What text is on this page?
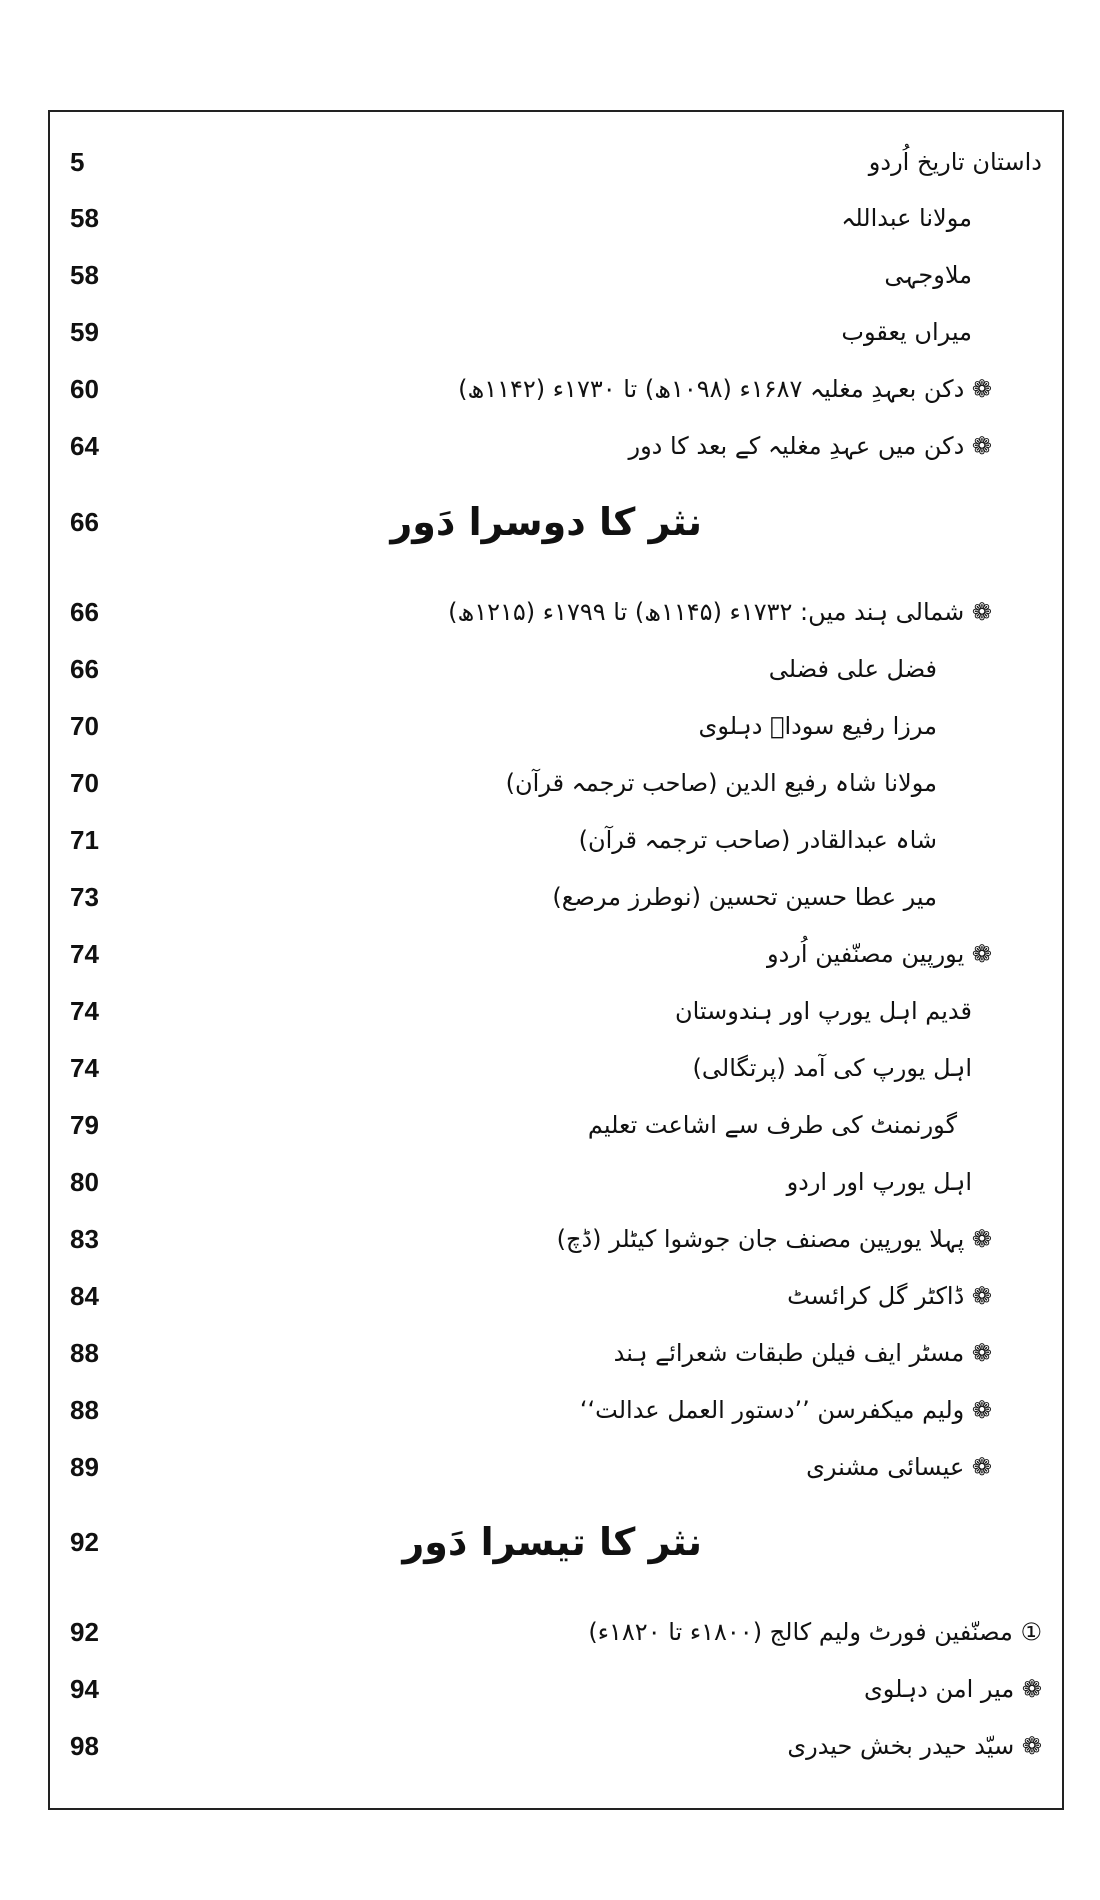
داستان تاریخ اُردو
5
مولانا عبداللہ
58
ملاوجہی
58
میراں یعقوب
59
❁ دکن بعہدِ مغلیہ ۱۶۸۷ء (۱۰۹۸ھ) تا ۱۷۳۰ء (۱۱۴۲ھ)
60
❁ دکن میں عہدِ مغلیہ کے بعد کا دور
64
نثر کا دوسرا دَور
66
❁ شمالی ہند میں: ۱۷۳۲ء (۱۱۴۵ھ) تا ۱۷۹۹ء (۱۲۱۵ھ)
66
فضل علی فضلی
66
مرزا رفیع سوداؔ دہلوی
70
مولانا شاہ رفیع الدین (صاحب ترجمہ قرآن)
70
شاہ عبدالقادر (صاحب ترجمہ قرآن)
71
میر عطا حسین تحسین (نوطرز مرصع)
73
❁ یورپین مصنّفین اُردو
74
قدیم اہل یورپ اور ہندوستان
74
اہل یورپ کی آمد (پرتگالی)
74
گورنمنٹ کی طرف سے اشاعت تعلیم
79
اہل یورپ اور اردو
80
❁ پہلا یورپین مصنف جان جوشوا کیٹلر (ڈچ)
83
❁ ڈاکٹر گل کرائسٹ
84
❁ مسٹر ایف فیلن طبقات شعرائے ہند
88
❁ ولیم میکفرسن ’’دستور العمل عدالت‘‘
88
❁ عیسائی مشنری
89
نثر کا تیسرا دَور
92
① مصنّفین فورٹ ولیم کالج (۱۸۰۰ء تا ۱۸۲۰ء)
92
❁ میر امن دہلوی
94
❁ سیّد حیدر بخش حیدری
98
